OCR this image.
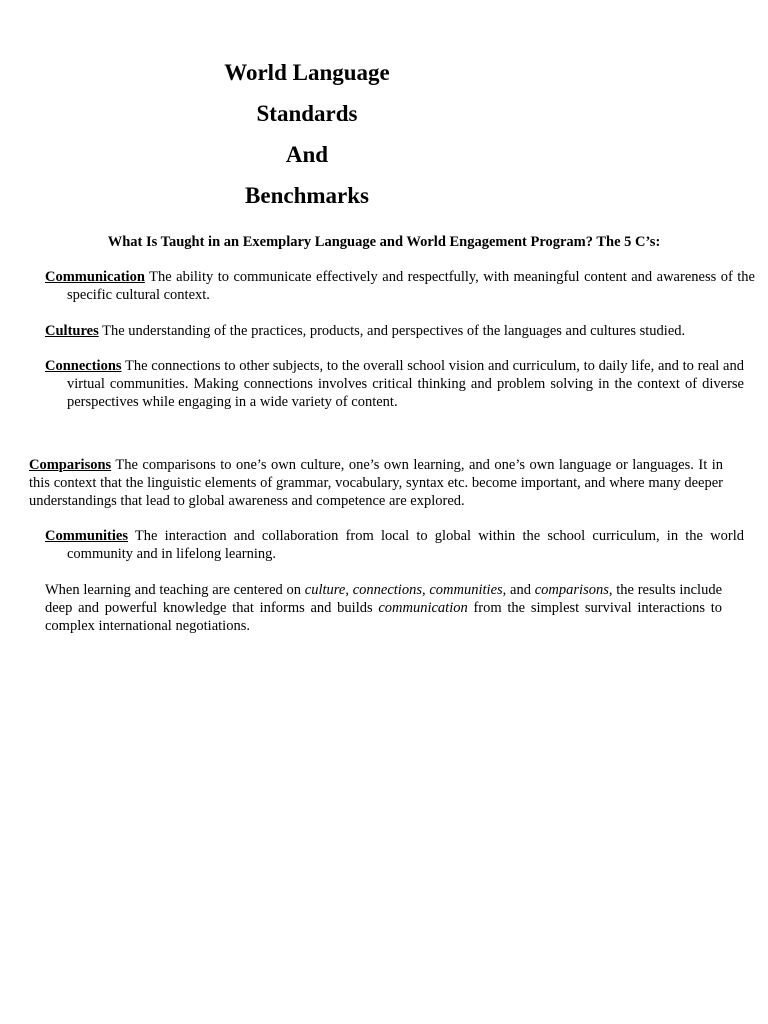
World Language
Standards
And
Benchmarks
What Is Taught in an Exemplary Language and World Engagement Program? The 5 C’s:

Communication The ability to communicate effectively and respectfully, with meaningful content and awareness of the specific cultural context.

Cultures The understanding of the practices, products, and perspectives of the languages and cultures studied.

Connections The connections to other subjects, to the overall school vision and curriculum, to daily life, and to real and virtual communities. Making connections involves critical thinking and problem solving in the context of diverse perspectives while engaging in a wide variety of content.

Comparisons The comparisons to one’s own culture, one’s own learning, and one’s own language or languages. It in this context that the linguistic elements of grammar, vocabulary, syntax etc. become important, and where many deeper understandings that lead to global awareness and competence are explored.

Communities The interaction and collaboration from local to global within the school curriculum, in the world community and in lifelong learning.

When learning and teaching are centered on culture, connections, communities, and comparisons, the results include deep and powerful knowledge that informs and builds communication from the simplest survival interactions to complex international negotiations.
